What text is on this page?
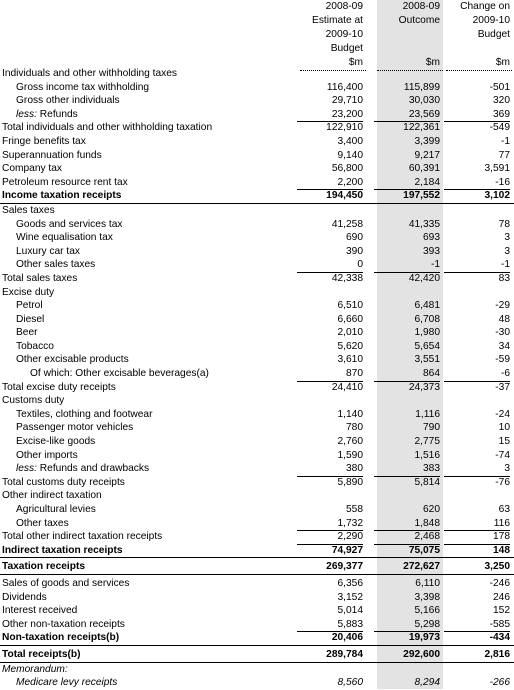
2008-09
Estimate at
2009-10
Budget
$m
2008-09
Outcome
$m
Change on
2009-10
Budget
$m
Individuals and other withholding taxes
Gross income tax withholding	116,400	115,899	-501
Gross other individuals	29,710	30,030	320
less: Refunds	23,200	23,569	369
Total individuals and other withholding taxation	122,910	122,361	-549
Fringe benefits tax	3,400	3,399	-1
Superannuation funds	9,140	9,217	77
Company tax	56,800	60,391	3,591
Petroleum resource rent tax	2,200	2,184	-16
Income taxation receipts	194,450	197,552	3,102
Sales taxes
Goods and services tax	41,258	41,335	78
Wine equalisation tax	690	693	3
Luxury car tax	390	393	3
Other sales taxes	0	-1	-1
Total sales taxes	42,338	42,420	83
Excise duty
Petrol	6,510	6,481	-29
Diesel	6,660	6,708	48
Beer	2,010	1,980	-30
Tobacco	5,620	5,654	34
Other excisable products	3,610	3,551	-59
Of which: Other excisable beverages(a)	870	864	-6
Total excise duty receipts	24,410	24,373	-37
Customs duty
Textiles, clothing and footwear	1,140	1,116	-24
Passenger motor vehicles	780	790	10
Excise-like goods	2,760	2,775	15
Other imports	1,590	1,516	-74
less: Refunds and drawbacks	380	383	3
Total customs duty receipts	5,890	5,814	-76
Other indirect taxation
Agricultural levies	558	620	63
Other taxes	1,732	1,848	116
Total other indirect taxation receipts	2,290	2,468	178
Indirect taxation receipts	74,927	75,075	148
Taxation receipts	269,377	272,627	3,250
Sales of goods and services	6,356	6,110	-246
Dividends	3,152	3,398	246
Interest received	5,014	5,166	152
Other non-taxation receipts	5,883	5,298	-585
Non-taxation receipts(b)	20,406	19,973	-434
Total receipts(b)	289,784	292,600	2,816
Memorandum:
Medicare levy receipts	8,560	8,294	-266
